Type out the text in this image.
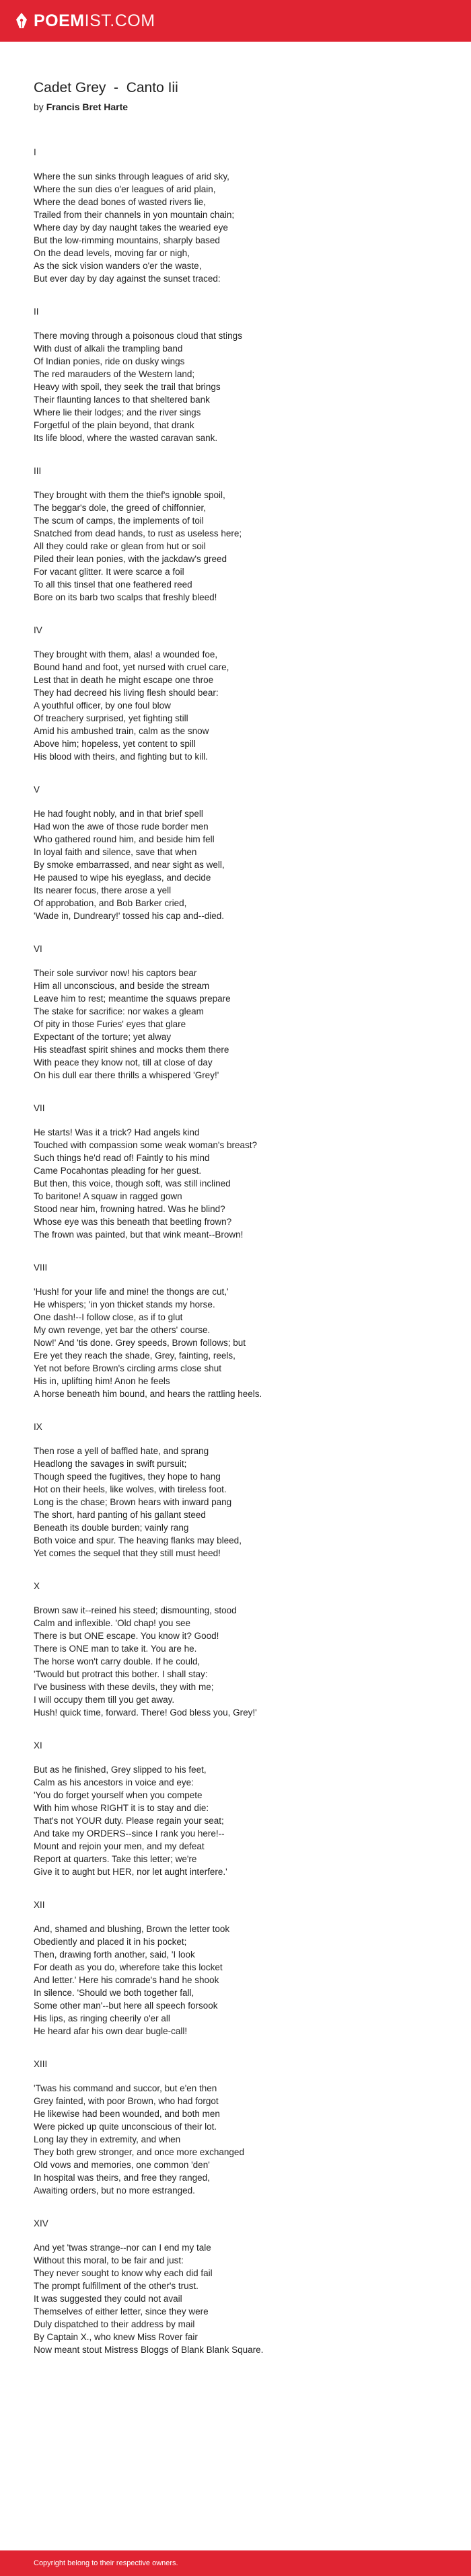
POEM IST.COM
Cadet Grey  -  Canto Iii
by Francis Bret Harte
I
Where the sun sinks through leagues of arid sky,
Where the sun dies o'er leagues of arid plain,
Where the dead bones of wasted rivers lie,
Trailed from their channels in yon mountain chain;
Where day by day naught takes the wearied eye
But the low-rimming mountains, sharply based
On the dead levels, moving far or nigh,
As the sick vision wanders o'er the waste,
But ever day by day against the sunset traced:
II
There moving through a poisonous cloud that stings
With dust of alkali the trampling band
Of Indian ponies, ride on dusky wings
The red marauders of the Western land;
Heavy with spoil, they seek the trail that brings
Their flaunting lances to that sheltered bank
Where lie their lodges; and the river sings
Forgetful of the plain beyond, that drank
Its life blood, where the wasted caravan sank.
III
They brought with them the thief's ignoble spoil,
The beggar's dole, the greed of chiffonnier,
The scum of camps, the implements of toil
Snatched from dead hands, to rust as useless here;
All they could rake or glean from hut or soil
Piled their lean ponies, with the jackdaw's greed
For vacant glitter. It were scarce a foil
To all this tinsel that one feathered reed
Bore on its barb two scalps that freshly bleed!
IV
They brought with them, alas! a wounded foe,
Bound hand and foot, yet nursed with cruel care,
Lest that in death he might escape one throe
They had decreed his living flesh should bear:
A youthful officer, by one foul blow
Of treachery surprised, yet fighting still
Amid his ambushed train, calm as the snow
Above him; hopeless, yet content to spill
His blood with theirs, and fighting but to kill.
V
He had fought nobly, and in that brief spell
Had won the awe of those rude border men
Who gathered round him, and beside him fell
In loyal faith and silence, save that when
By smoke embarrassed, and near sight as well,
He paused to wipe his eyeglass, and decide
Its nearer focus, there arose a yell
Of approbation, and Bob Barker cried,
'Wade in, Dundreary!' tossed his cap and--died.
VI
Their sole survivor now! his captors bear
Him all unconscious, and beside the stream
Leave him to rest; meantime the squaws prepare
The stake for sacrifice: nor wakes a gleam
Of pity in those Furies' eyes that glare
Expectant of the torture; yet alway
His steadfast spirit shines and mocks them there
With peace they know not, till at close of day
On his dull ear there thrills a whispered 'Grey!'
VII
He starts! Was it a trick? Had angels kind
Touched with compassion some weak woman's breast?
Such things he'd read of! Faintly to his mind
Came Pocahontas pleading for her guest.
But then, this voice, though soft, was still inclined
To baritone! A squaw in ragged gown
Stood near him, frowning hatred. Was he blind?
Whose eye was this beneath that beetling frown?
The frown was painted, but that wink meant--Brown!
VIII
'Hush! for your life and mine! the thongs are cut,'
He whispers; 'in yon thicket stands my horse.
One dash!--I follow close, as if to glut
My own revenge, yet bar the others' course.
Now!' And 'tis done. Grey speeds, Brown follows; but
Ere yet they reach the shade, Grey, fainting, reels,
Yet not before Brown's circling arms close shut
His in, uplifting him! Anon he feels
A horse beneath him bound, and hears the rattling heels.
IX
Then rose a yell of baffled hate, and sprang
Headlong the savages in swift pursuit;
Though speed the fugitives, they hope to hang
Hot on their heels, like wolves, with tireless foot.
Long is the chase; Brown hears with inward pang
The short, hard panting of his gallant steed
Beneath its double burden; vainly rang
Both voice and spur. The heaving flanks may bleed,
Yet comes the sequel that they still must heed!
X
Brown saw it--reined his steed; dismounting, stood
Calm and inflexible. 'Old chap! you see
There is but ONE escape. You know it? Good!
There is ONE man to take it. You are he.
The horse won't carry double. If he could,
'Twould but protract this bother. I shall stay:
I've business with these devils, they with me;
I will occupy them till you get away.
Hush! quick time, forward. There! God bless you, Grey!'
XI
But as he finished, Grey slipped to his feet,
Calm as his ancestors in voice and eye:
'You do forget yourself when you compete
With him whose RIGHT it is to stay and die:
That's not YOUR duty. Please regain your seat;
And take my ORDERS--since I rank you here!--
Mount and rejoin your men, and my defeat
Report at quarters. Take this letter; we're
Give it to aught but HER, nor let aught interfere.'
XII
And, shamed and blushing, Brown the letter took
Obediently and placed it in his pocket;
Then, drawing forth another, said, 'I look
For death as you do, wherefore take this locket
And letter.' Here his comrade's hand he shook
In silence. 'Should we both together fall,
Some other man'--but here all speech forsook
His lips, as ringing cheerily o'er all
He heard afar his own dear bugle-call!
XIII
'Twas his command and succor, but e'en then
Grey fainted, with poor Brown, who had forgot
He likewise had been wounded, and both men
Were picked up quite unconscious of their lot.
Long lay they in extremity, and when
They both grew stronger, and once more exchanged
Old vows and memories, one common 'den'
In hospital was theirs, and free they ranged,
Awaiting orders, but no more estranged.
XIV
And yet 'twas strange--nor can I end my tale
Without this moral, to be fair and just:
They never sought to know why each did fail
The prompt fulfillment of the other's trust.
It was suggested they could not avail
Themselves of either letter, since they were
Duly dispatched to their address by mail
By Captain X., who knew Miss Rover fair
Now meant stout Mistress Bloggs of Blank Blank Square.
Copyright belong to their respective owners.
